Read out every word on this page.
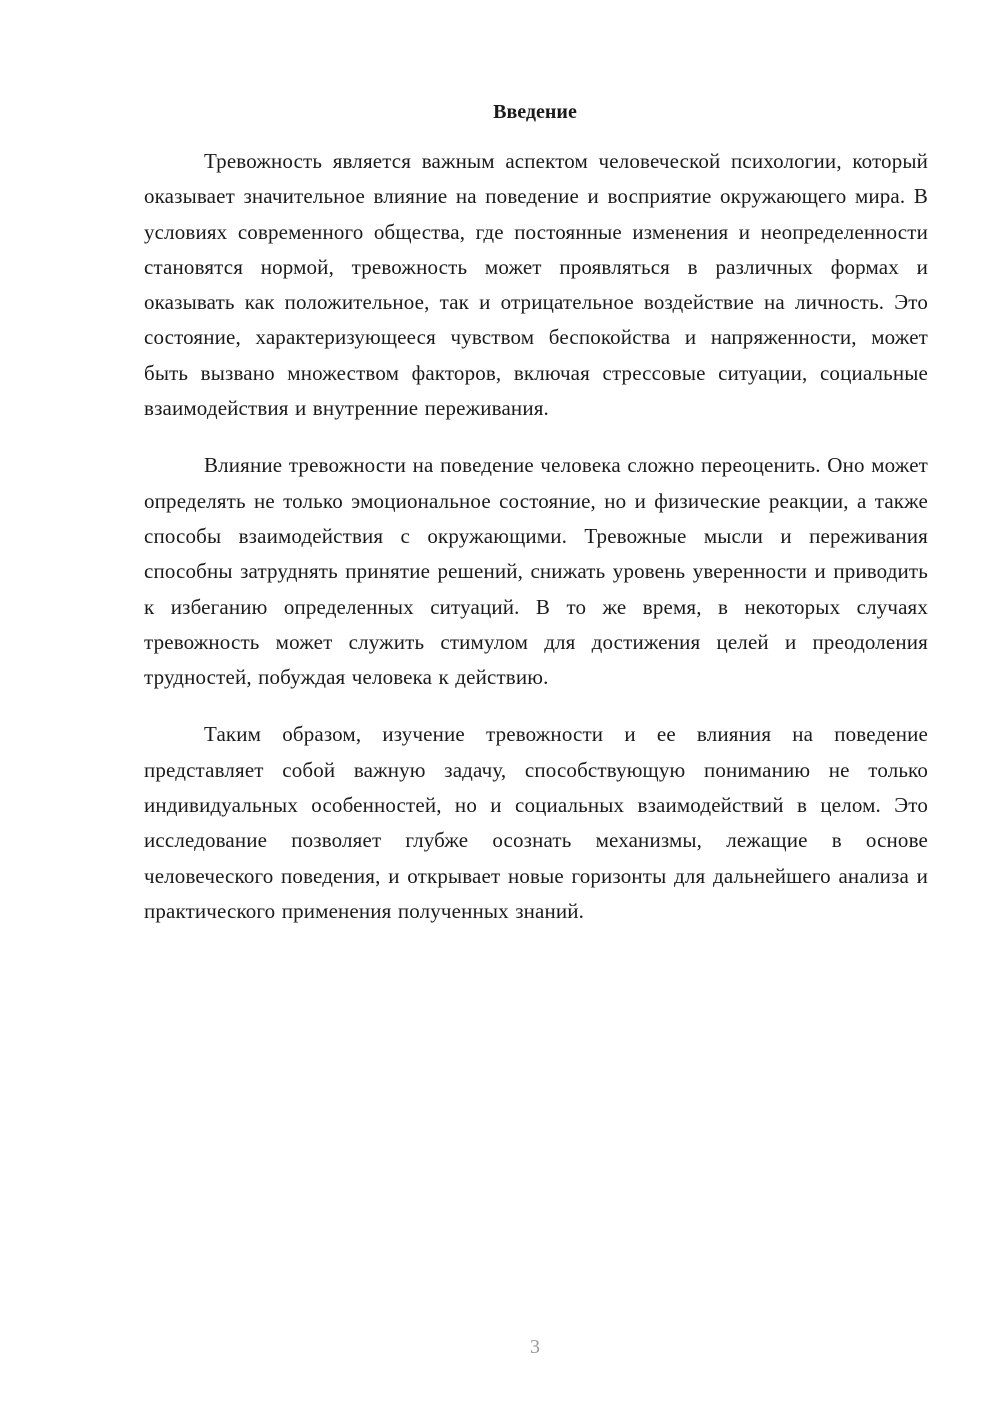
Введение

Тревожность является важным аспектом человеческой психологии, который оказывает значительное влияние на поведение и восприятие окружающего мира. В условиях современного общества, где постоянные изменения и неопределенности становятся нормой, тревожность может проявляться в различных формах и оказывать как положительное, так и отрицательное воздействие на личность. Это состояние, характеризующееся чувством беспокойства и напряженности, может быть вызвано множеством факторов, включая стрессовые ситуации, социальные взаимодействия и внутренние переживания.

Влияние тревожности на поведение человека сложно переоценить. Оно может определять не только эмоциональное состояние, но и физические реакции, а также способы взаимодействия с окружающими. Тревожные мысли и переживания способны затруднять принятие решений, снижать уровень уверенности и приводить к избеганию определенных ситуаций. В то же время, в некоторых случаях тревожность может служить стимулом для достижения целей и преодоления трудностей, побуждая человека к действию.

Таким образом, изучение тревожности и ее влияния на поведение представляет собой важную задачу, способствующую пониманию не только индивидуальных особенностей, но и социальных взаимодействий в целом. Это исследование позволяет глубже осознать механизмы, лежащие в основе человеческого поведения, и открывает новые горизонты для дальнейшего анализа и практического применения полученных знаний.

3
